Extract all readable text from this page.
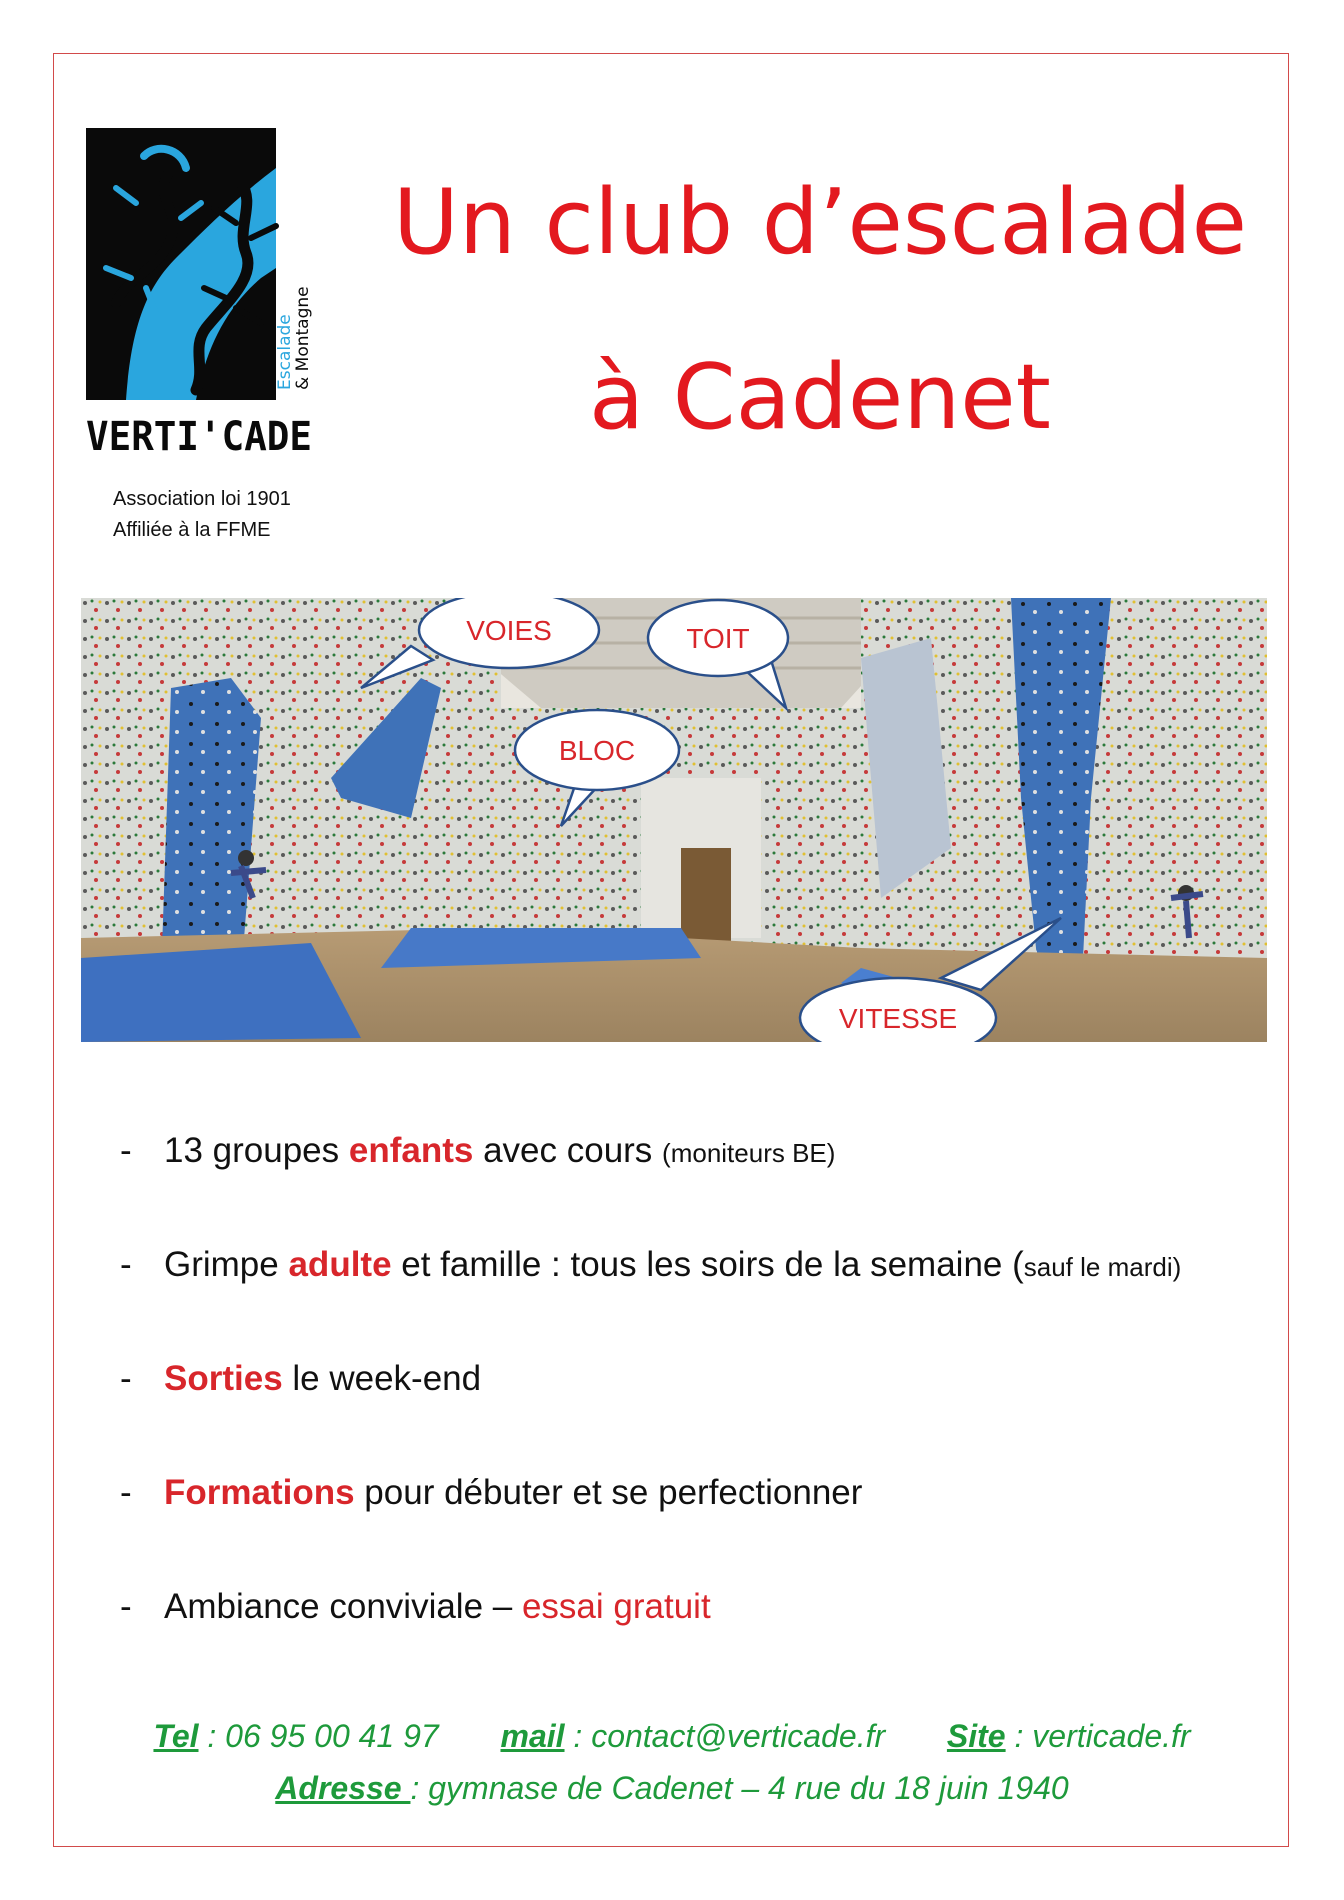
Escalade
& Montagne
VERTI'CADE
Association loi 1901
Affiliée à la FFME
Un club d’escalade
à Cadenet
VOIES	TOIT
BLOC
VITESSE
- 13 groupes enfants avec cours (moniteurs BE)
- Grimpe adulte et famille : tous les soirs de la semaine (sauf le mardi)
- Sorties le week-end
- Formations pour débuter et se perfectionner
- Ambiance conviviale – essai gratuit
Tel : 06 95 00 41 97 mail : contact@verticade.fr Site : verticade.fr
Adresse : gymnase de Cadenet – 4 rue du 18 juin 1940
